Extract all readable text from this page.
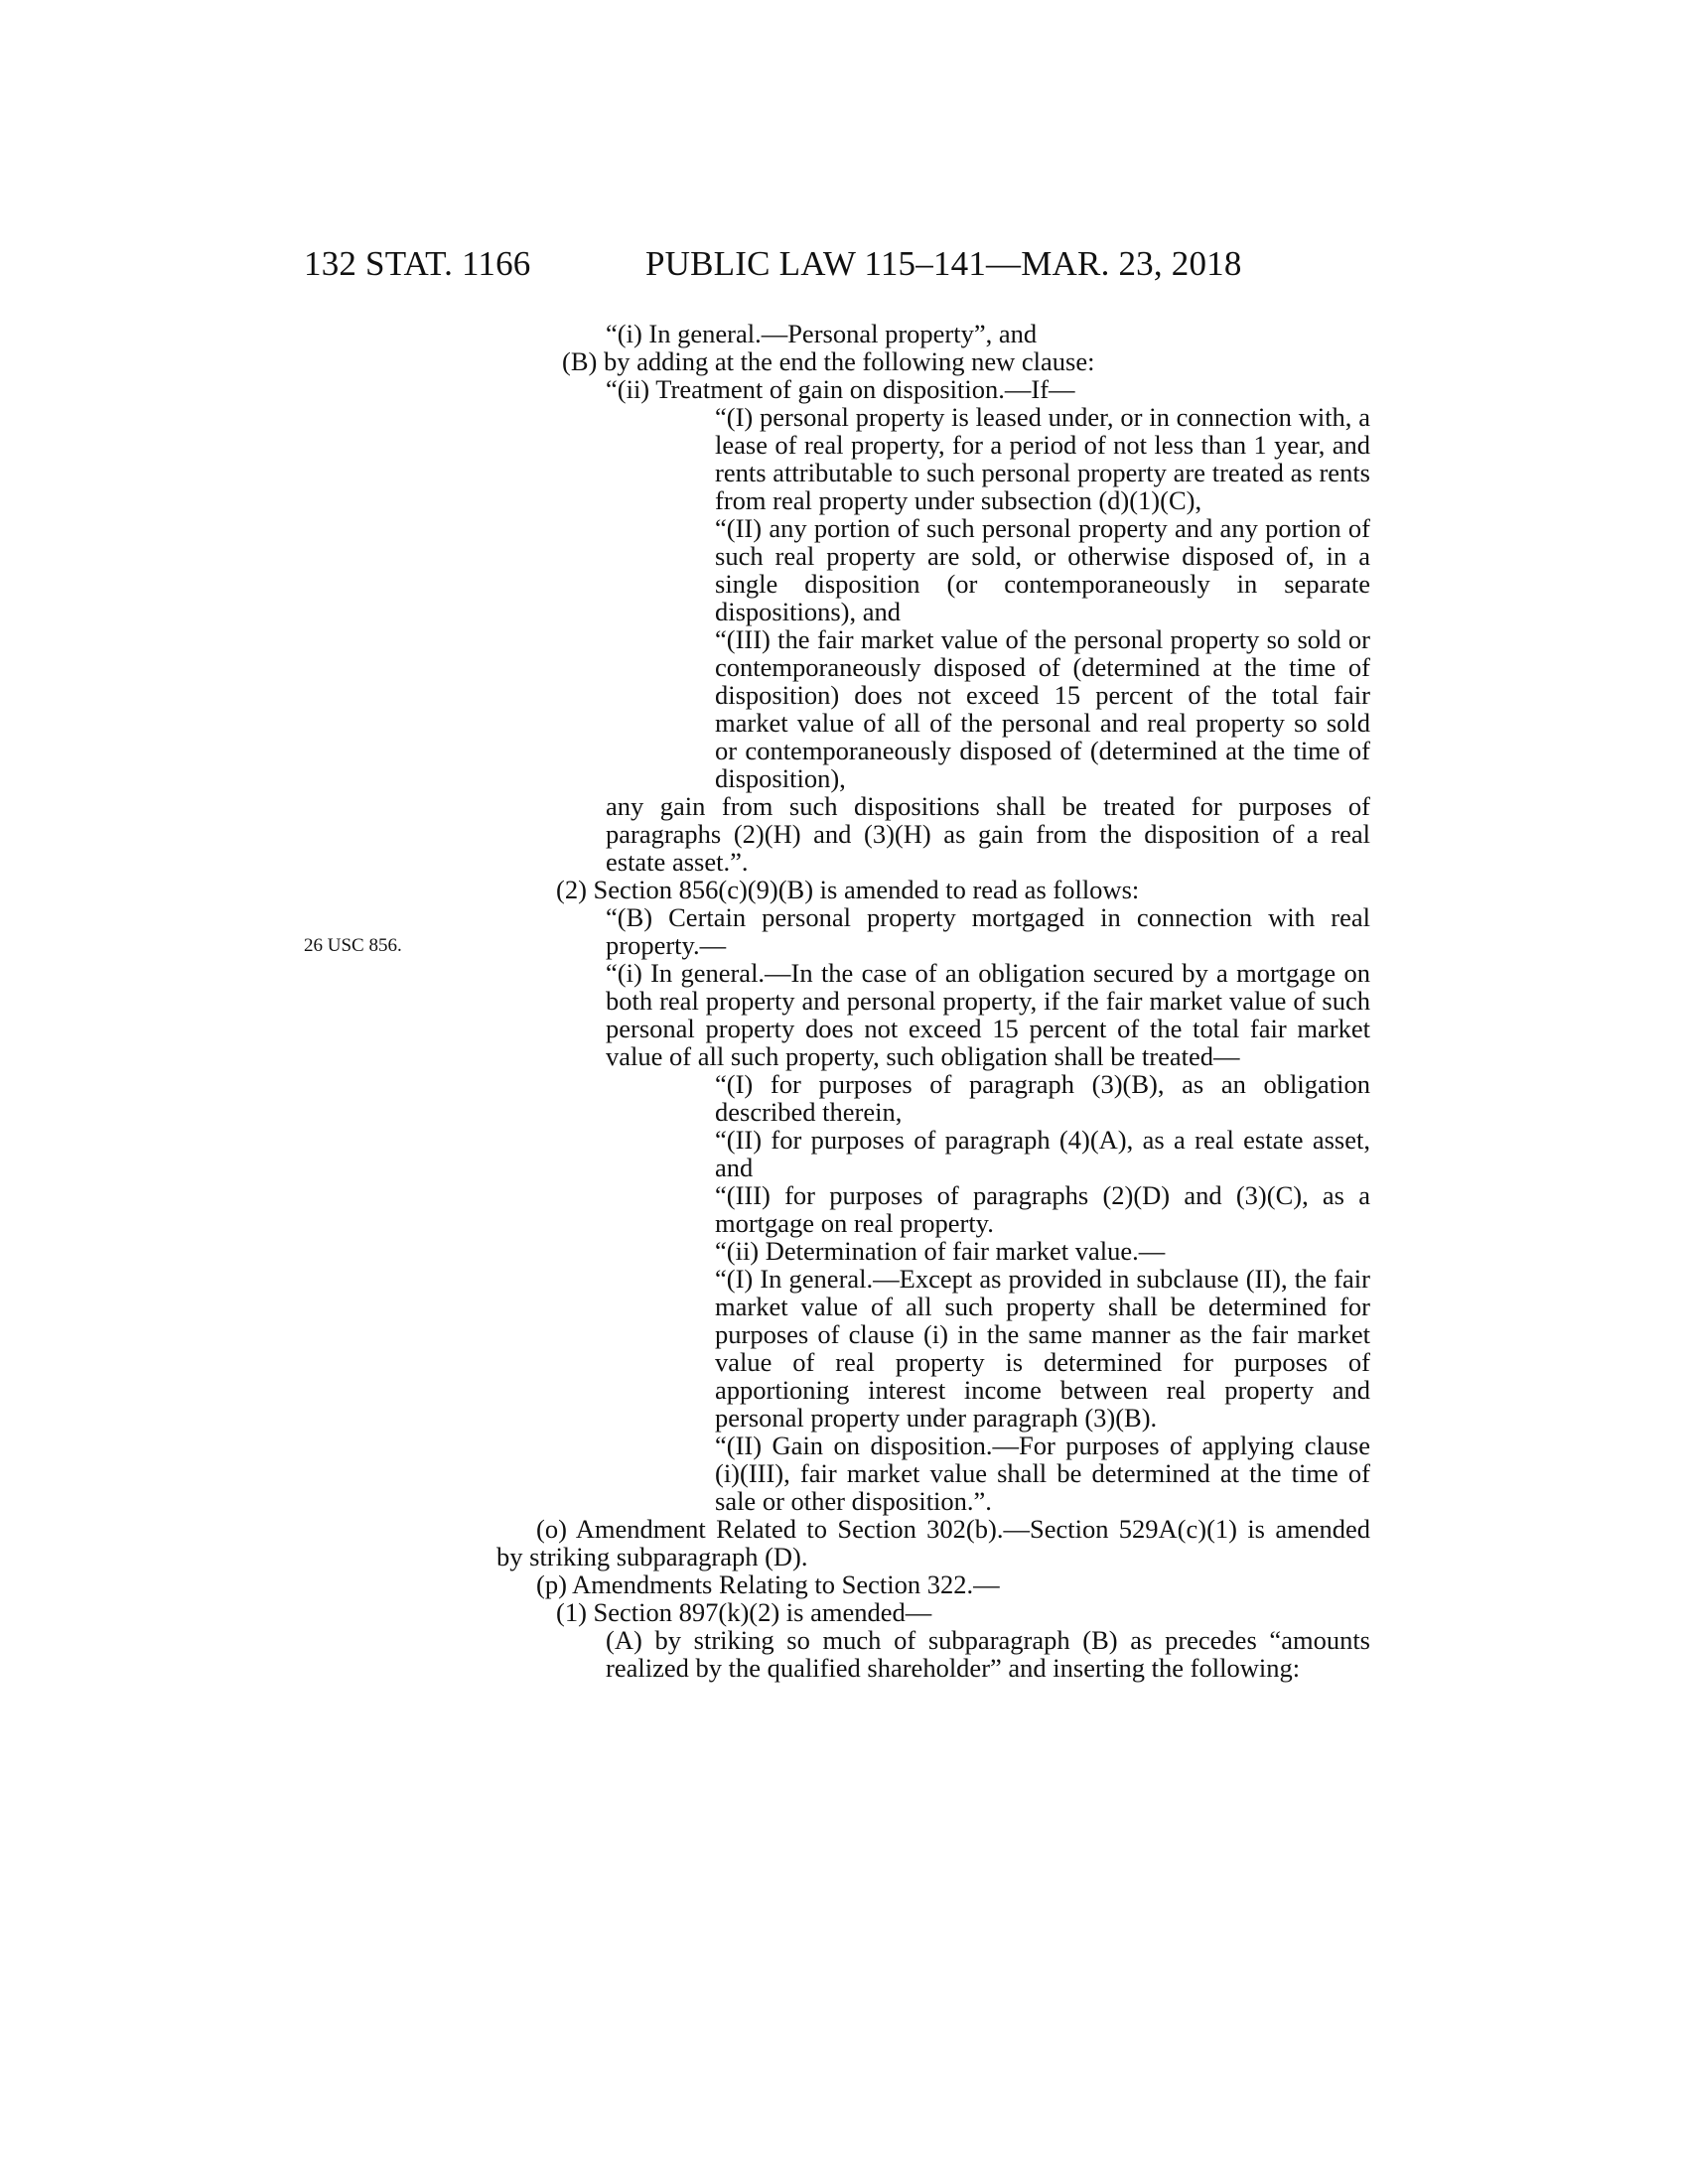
132 STAT. 1166	PUBLIC LAW 115–141—MAR. 23, 2018
26 USC 856.

“(i) In general.—Personal property”, and

(B) by adding at the end the following new clause:

“(ii) Treatment of gain on disposition.—If—

“(I) personal property is leased under, or in connection with, a lease of real property, for a period of not less than 1 year, and rents attributable to such personal property are treated as rents from real property under subsection (d)(1)(C),

“(II) any portion of such personal property and any portion of such real property are sold, or otherwise disposed of, in a single disposition (or contemporaneously in separate dispositions), and

“(III) the fair market value of the personal property so sold or contemporaneously disposed of (determined at the time of disposition) does not exceed 15 percent of the total fair market value of all of the personal and real property so sold or contemporaneously disposed of (determined at the time of disposition),

any gain from such dispositions shall be treated for purposes of paragraphs (2)(H) and (3)(H) as gain from the disposition of a real estate asset.”.

(2) Section 856(c)(9)(B) is amended to read as follows:

“(B) Certain personal property mortgaged in connection with real property.—

“(i) In general.—In the case of an obligation secured by a mortgage on both real property and personal property, if the fair market value of such personal property does not exceed 15 percent of the total fair market value of all such property, such obligation shall be treated—

“(I) for purposes of paragraph (3)(B), as an obligation described therein,

“(II) for purposes of paragraph (4)(A), as a real estate asset, and

“(III) for purposes of paragraphs (2)(D) and (3)(C), as a mortgage on real property.

“(ii) Determination of fair market value.—

“(I) In general.—Except as provided in subclause (II), the fair market value of all such property shall be determined for purposes of clause (i) in the same manner as the fair market value of real property is determined for purposes of apportioning interest income between real property and personal property under paragraph (3)(B).

“(II) Gain on disposition.—For purposes of applying clause (i)(III), fair market value shall be determined at the time of sale or other disposition.”.

(o) Amendment Related to Section 302(b).—Section 529A(c)(1) is amended by striking subparagraph (D).

(p) Amendments Relating to Section 322.—

(1) Section 897(k)(2) is amended—

(A) by striking so much of subparagraph (B) as precedes “amounts realized by the qualified shareholder” and inserting the following:
